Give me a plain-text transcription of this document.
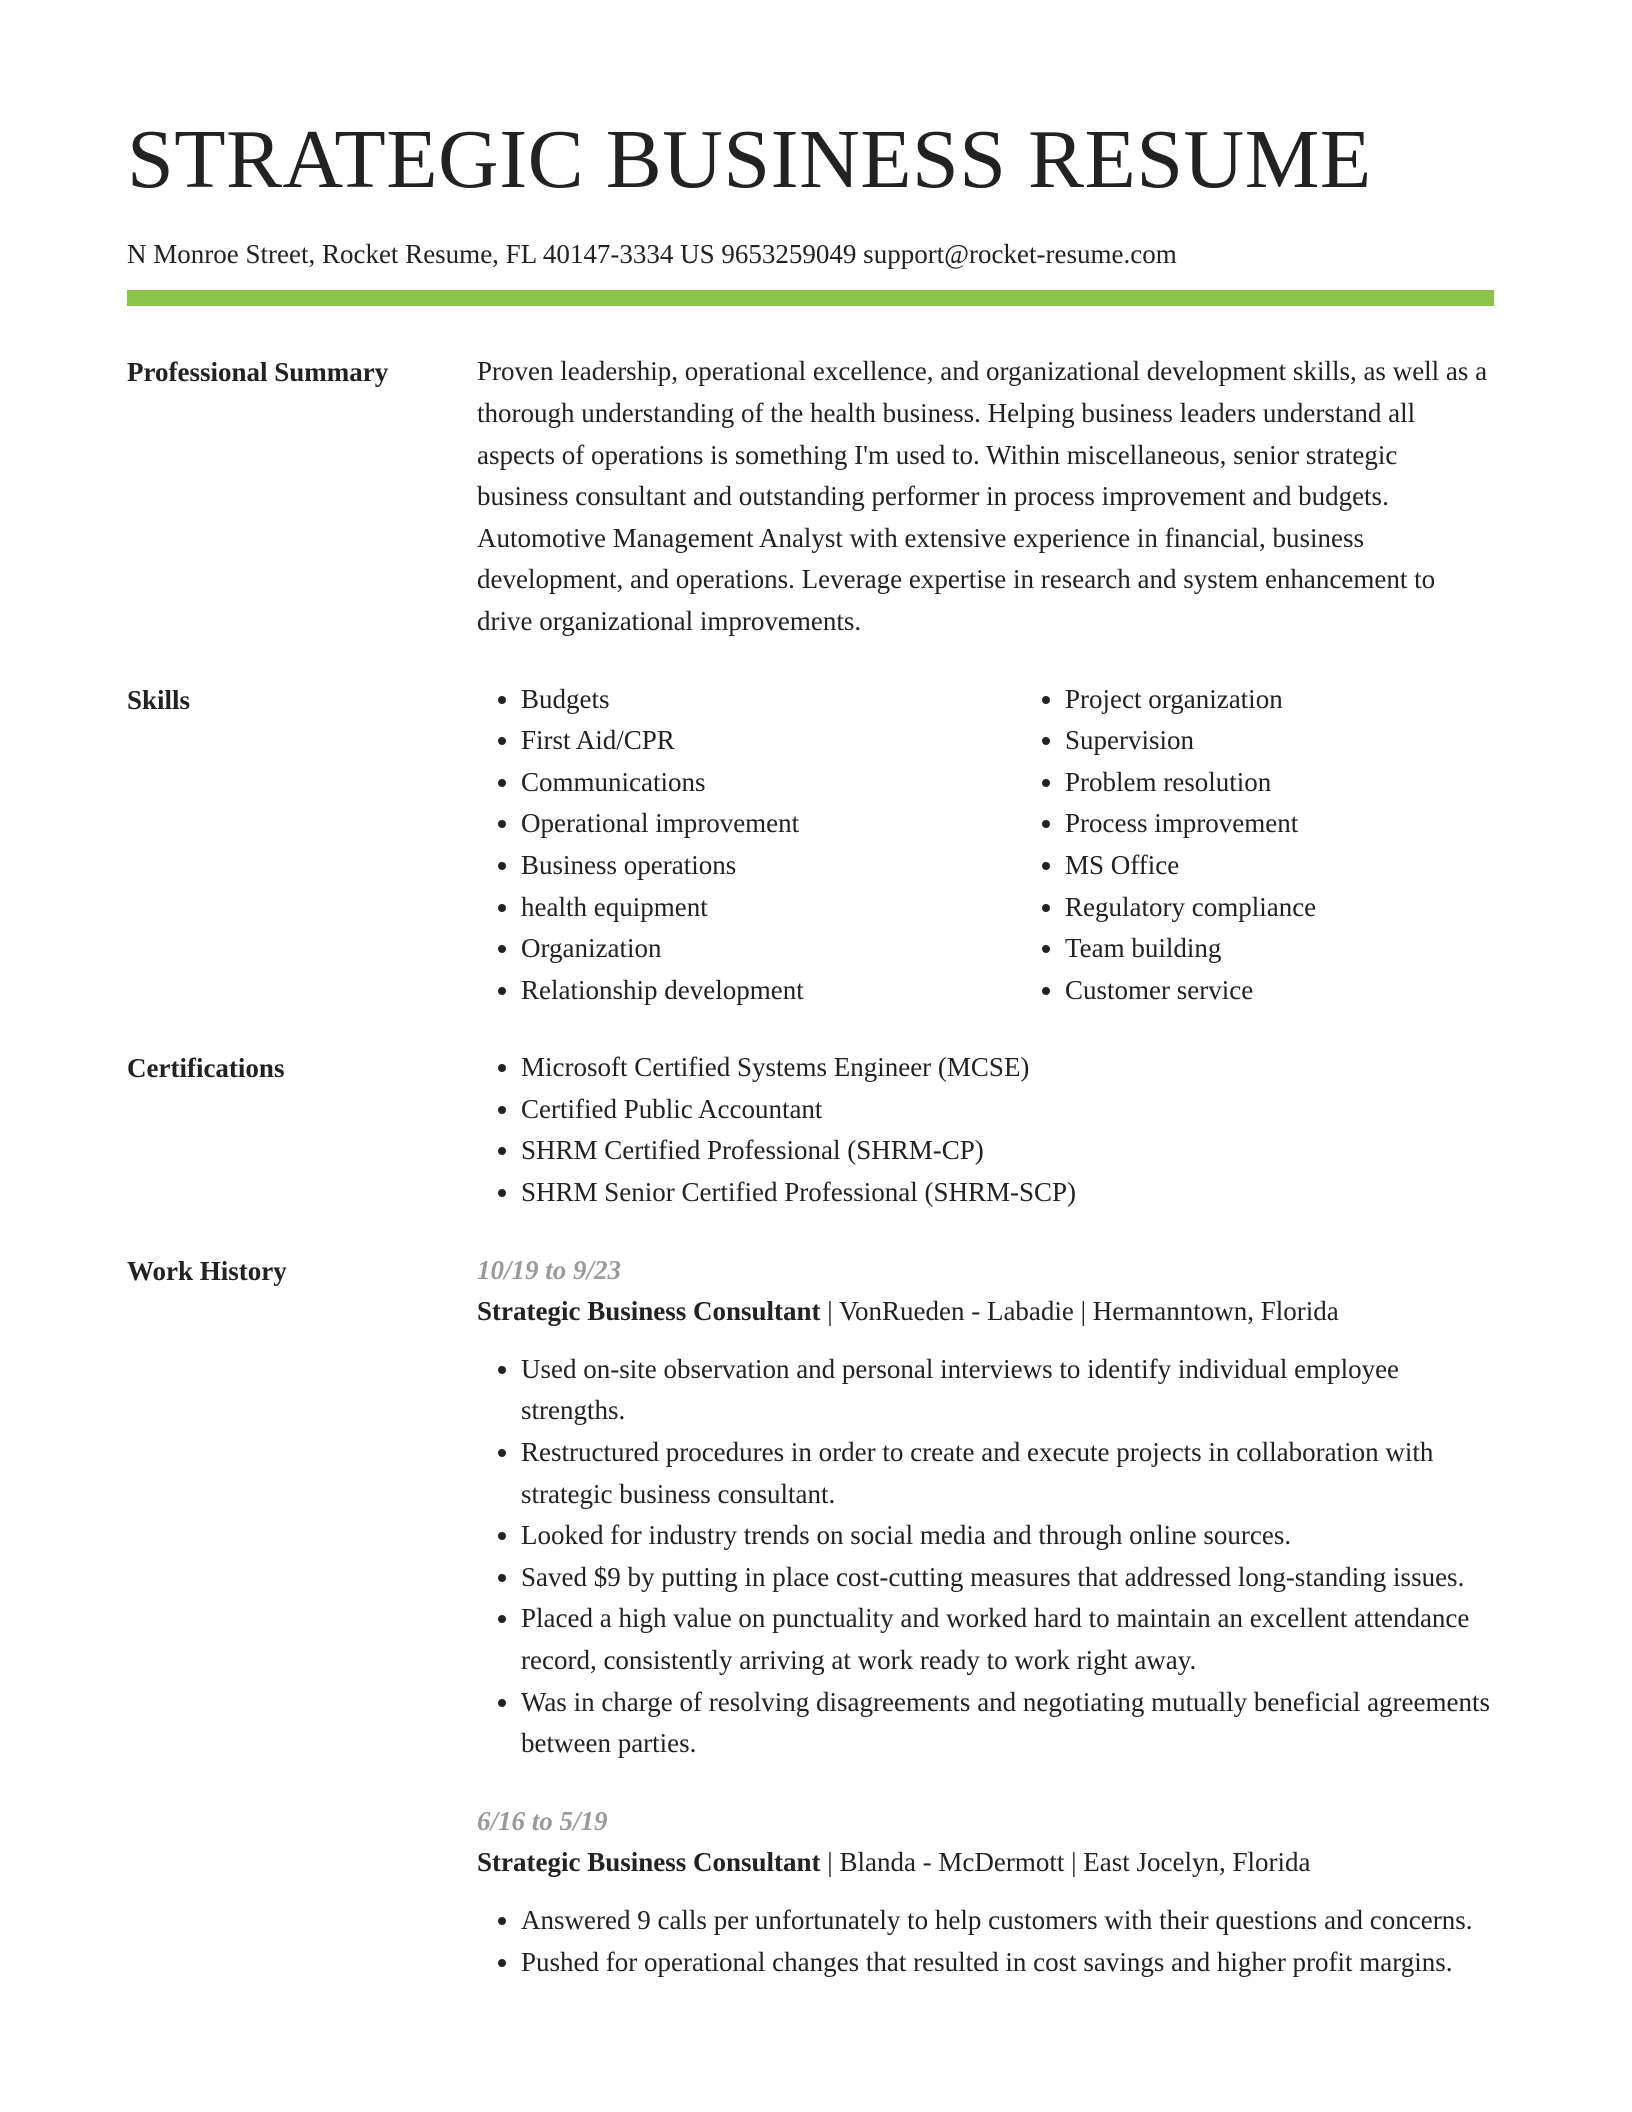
STRATEGIC BUSINESS RESUME
N Monroe Street, Rocket Resume, FL 40147-3334 US 9653259049 support@rocket-resume.com
Professional Summary	Proven leadership, operational excellence, and organizational development skills, as well as a thorough understanding of the health business. Helping business leaders understand all aspects of operations is something I'm used to. Within miscellaneous, senior strategic business consultant and outstanding performer in process improvement and budgets. Automotive Management Analyst with extensive experience in financial, business development, and operations. Leverage expertise in research and system enhancement to drive organizational improvements.

Skills	• Budgets
• First Aid/CPR
• Communications
• Operational improvement
• Business operations
• health equipment
• Organization
• Relationship development
• Project organization
• Supervision
• Problem resolution
• Process improvement
• MS Office
• Regulatory compliance
• Team building
• Customer service
Certifications	• Microsoft Certified Systems Engineer (MCSE)
• Certified Public Accountant
• SHRM Certified Professional (SHRM-CP)
• SHRM Senior Certified Professional (SHRM-SCP)
Work History	10/19 to 9/23
Strategic Business Consultant | VonRueden - Labadie | Hermanntown, Florida
• Used on-site observation and personal interviews to identify individual employee strengths.
• Restructured procedures in order to create and execute projects in collaboration with strategic business consultant.
• Looked for industry trends on social media and through online sources.
• Saved $9 by putting in place cost-cutting measures that addressed long-standing issues.
• Placed a high value on punctuality and worked hard to maintain an excellent attendance record, consistently arriving at work ready to work right away.
• Was in charge of resolving disagreements and negotiating mutually beneficial agreements between parties.
6/16 to 5/19
Strategic Business Consultant | Blanda - McDermott | East Jocelyn, Florida
• Answered 9 calls per unfortunately to help customers with their questions and concerns.
• Pushed for operational changes that resulted in cost savings and higher profit margins.
